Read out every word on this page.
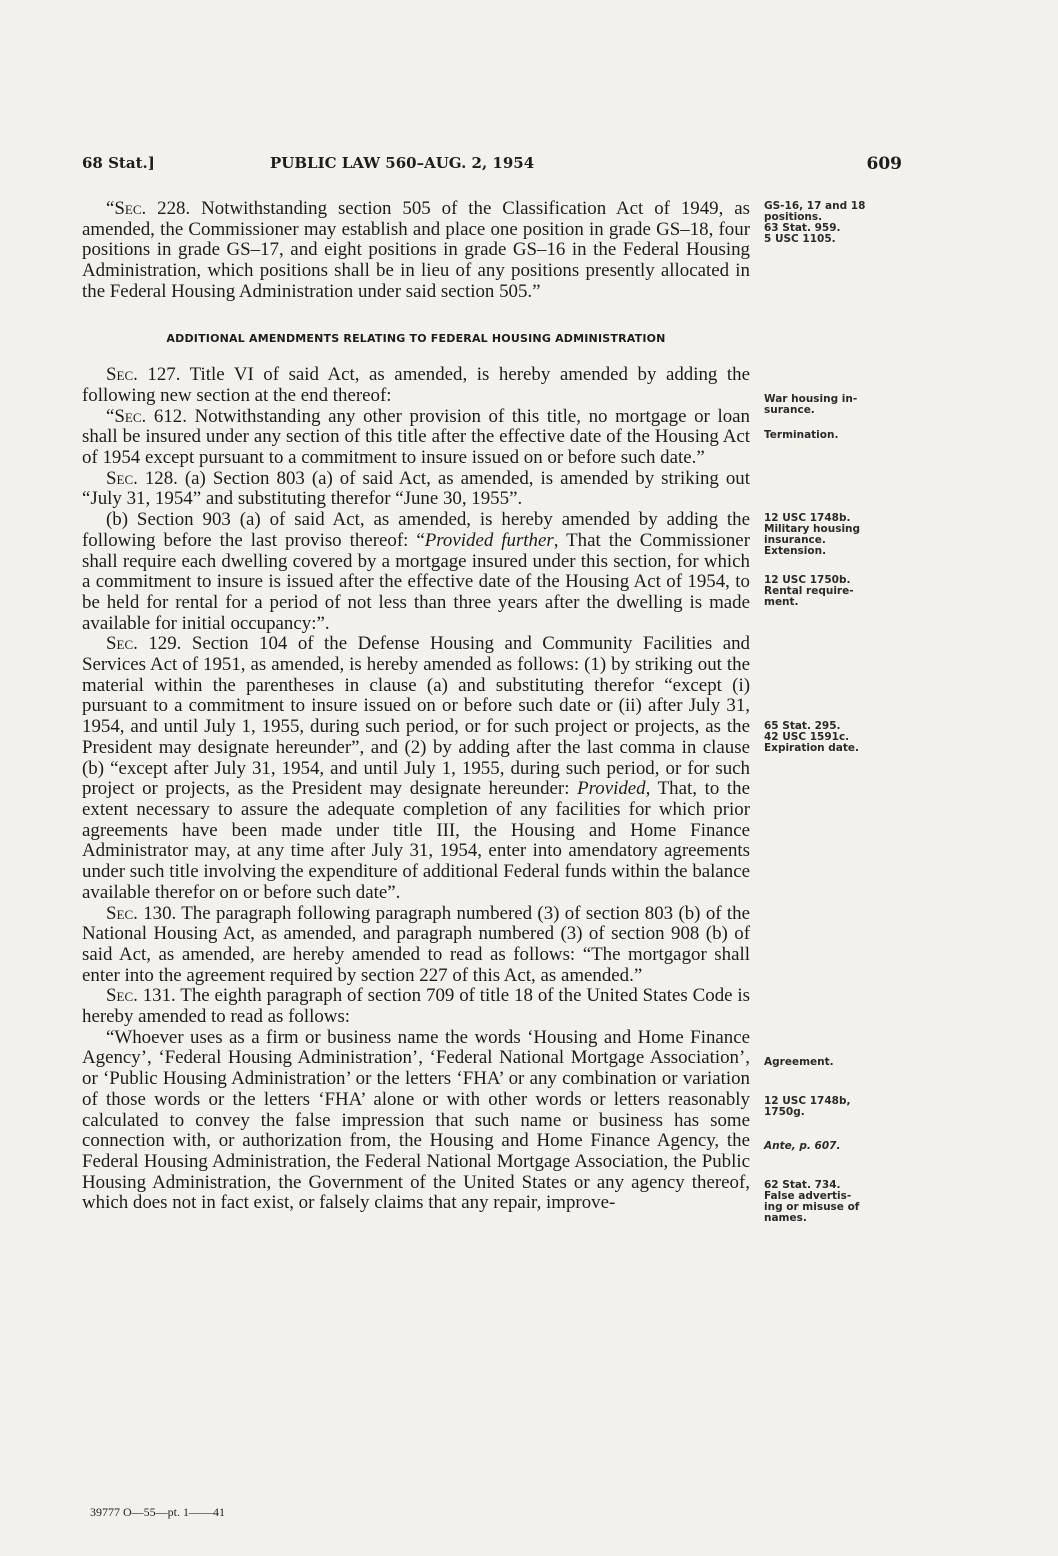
68 Stat.]	PUBLIC LAW 560–AUG. 2, 1954	609

“Sec. 228. Notwithstanding section 505 of the Classification Act of 1949, as amended, the Commissioner may establish and place one position in grade GS–18, four positions in grade GS–17, and eight positions in grade GS–16 in the Federal Housing Administration, which positions shall be in lieu of any positions presently allocated in the Federal Housing Administration under said section 505.”

ADDITIONAL AMENDMENTS RELATING TO FEDERAL HOUSING ADMINISTRATION

Sec. 127. Title VI of said Act, as amended, is hereby amended by adding the following new section at the end thereof:

“Sec. 612. Notwithstanding any other provision of this title, no mortgage or loan shall be insured under any section of this title after the effective date of the Housing Act of 1954 except pursuant to a commitment to insure issued on or before such date.”

Sec. 128. (a) Section 803 (a) of said Act, as amended, is amended by striking out “July 31, 1954” and substituting therefor “June 30, 1955”.

(b) Section 903 (a) of said Act, as amended, is hereby amended by adding the following before the last proviso thereof: “Provided further, That the Commissioner shall require each dwelling covered by a mortgage insured under this section, for which a commitment to insure is issued after the effective date of the Housing Act of 1954, to be held for rental for a period of not less than three years after the dwelling is made available for initial occupancy:”.

Sec. 129. Section 104 of the Defense Housing and Community Facilities and Services Act of 1951, as amended, is hereby amended as follows: (1) by striking out the material within the parentheses in clause (a) and substituting therefor “except (i) pursuant to a commitment to insure issued on or before such date or (ii) after July 31, 1954, and until July 1, 1955, during such period, or for such project or projects, as the President may designate hereunder”, and (2) by adding after the last comma in clause (b) “except after July 31, 1954, and until July 1, 1955, during such period, or for such project or projects, as the President may designate hereunder: Provided, That, to the extent necessary to assure the adequate completion of any facilities for which prior agreements have been made under title III, the Housing and Home Finance Administrator may, at any time after July 31, 1954, enter into amendatory agreements under such title involving the expenditure of additional Federal funds within the balance available therefor on or before such date”.

Sec. 130. The paragraph following paragraph numbered (3) of section 803 (b) of the National Housing Act, as amended, and paragraph numbered (3) of section 908 (b) of said Act, as amended, are hereby amended to read as follows: “The mortgagor shall enter into the agreement required by section 227 of this Act, as amended.”

Sec. 131. The eighth paragraph of section 709 of title 18 of the United States Code is hereby amended to read as follows:

“Whoever uses as a firm or business name the words ‘Housing and Home Finance Agency’, ‘Federal Housing Administration’, ‘Federal National Mortgage Association’, or ‘Public Housing Administration’ or the letters ‘FHA’ or any combination or variation of those words or the letters ‘FHA’ alone or with other words or letters reasonably calculated to convey the false impression that such name or business has some connection with, or authorization from, the Housing and Home Finance Agency, the Federal Housing Administration, the Federal National Mortgage Association, the Public Housing Administration, the Government of the United States or any agency thereof, which does not in fact exist, or falsely claims that any repair, improve-

GS-16, 17 and 18
positions.
63 Stat. 959.
5 USC 1105.
War housing in-
surance.
Termination.
12 USC 1748b.
Military housing
insurance.
Extension.
12 USC 1750b.
Rental require-
ment.
65 Stat. 295.
42 USC 1591c.
Expiration date.
Agreement.
12 USC 1748b,
1750g.
Ante, p. 607.
62 Stat. 734.
False advertis-
ing or misuse of
names.
39777 O—55—pt. 1——41
